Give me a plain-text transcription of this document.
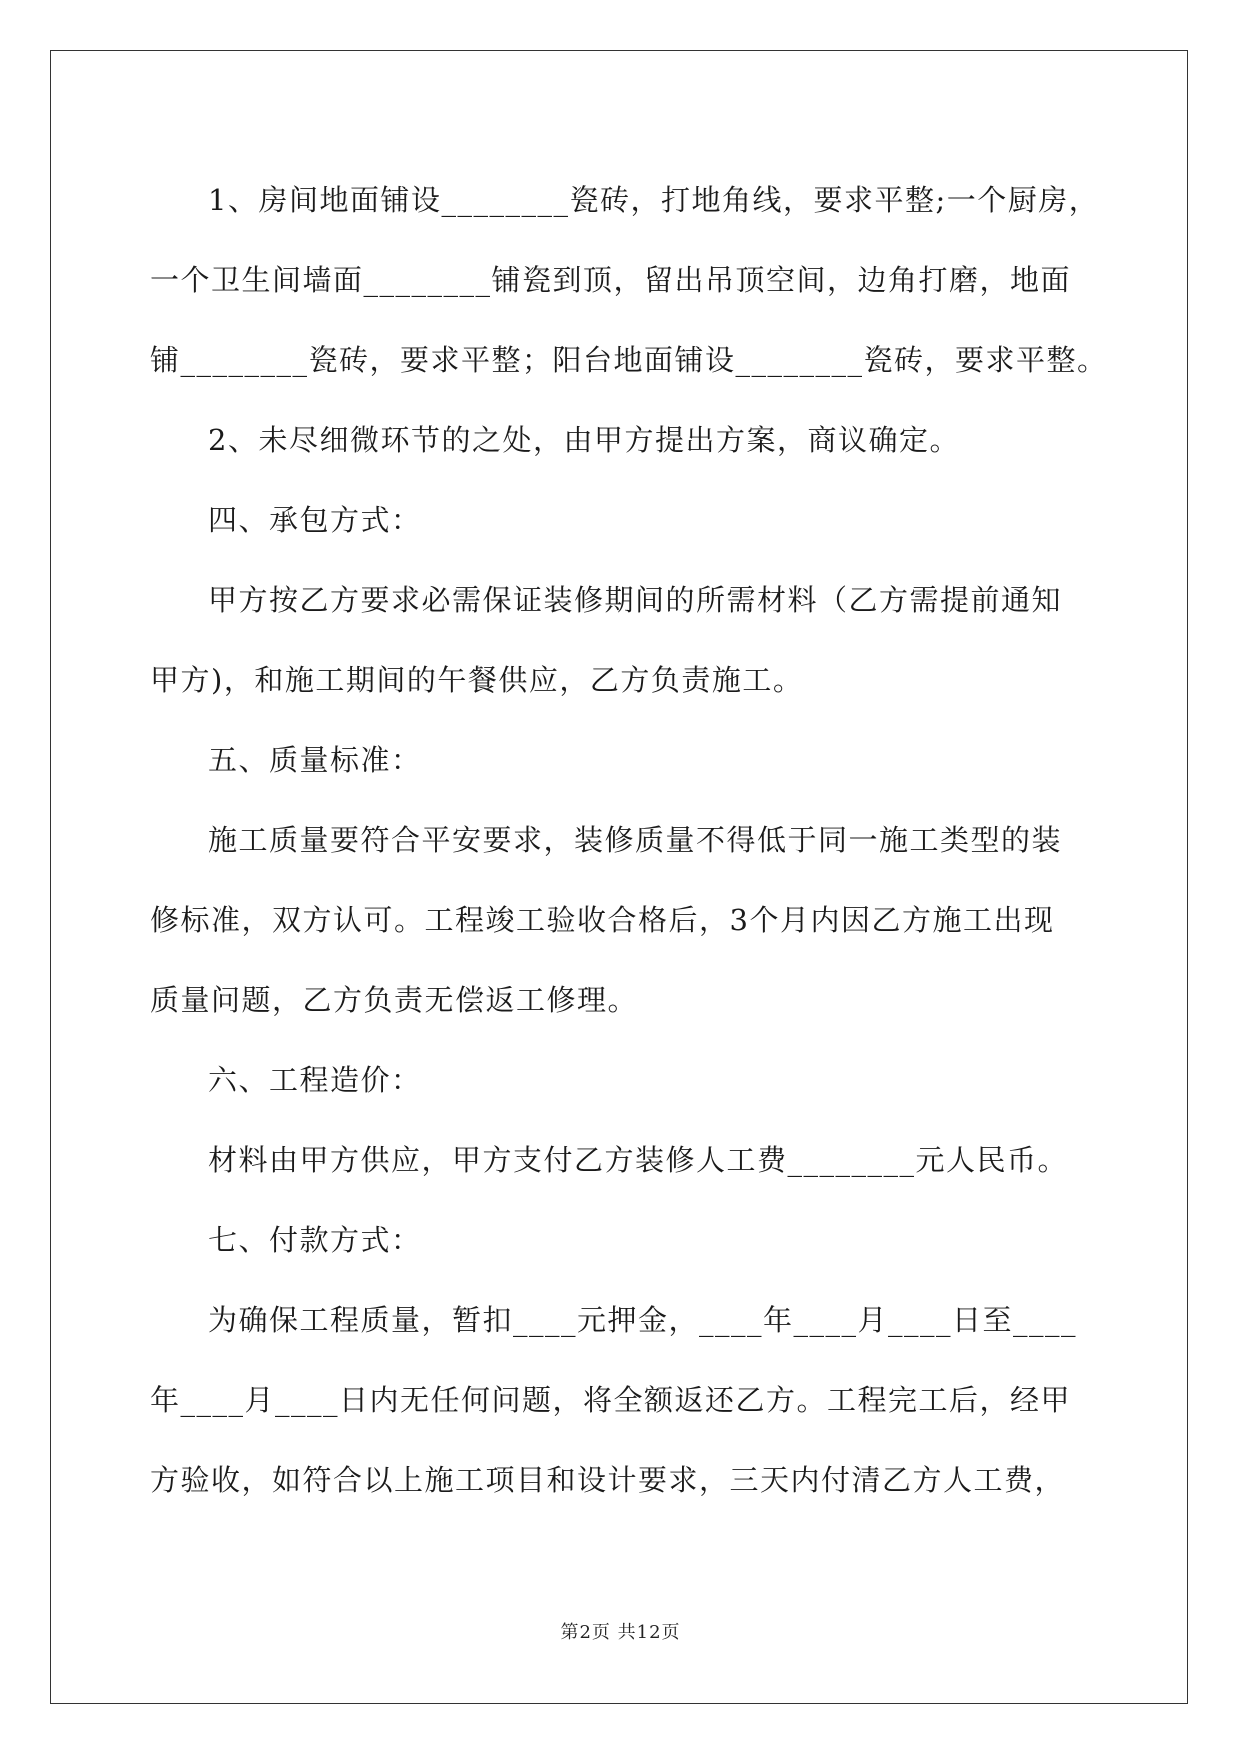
1、房间地面铺设________瓷砖，打地角线，要求平整;一个厨房，
一个卫生间墙面________铺瓷到顶，留出吊顶空间，边角打磨，地面
铺________瓷砖，要求平整；阳台地面铺设________瓷砖，要求平整。

2、未尽细微环节的之处，由甲方提出方案，商议确定。

四、承包方式：

甲方按乙方要求必需保证装修期间的所需材料（乙方需提前通知
甲方)，和施工期间的午餐供应，乙方负责施工。

五、质量标准：

施工质量要符合平安要求，装修质量不得低于同一施工类型的装
修标准，双方认可。工程竣工验收合格后，3个月内因乙方施工出现
质量问题，乙方负责无偿返工修理。

六、工程造价：

材料由甲方供应，甲方支付乙方装修人工费________元人民币。

七、付款方式：

为确保工程质量，暂扣____元押金，____年____月____日至____
年____月____日内无任何问题，将全额返还乙方。工程完工后，经甲
方验收，如符合以上施工项目和设计要求，三天内付清乙方人工费，

第2页 共12页
